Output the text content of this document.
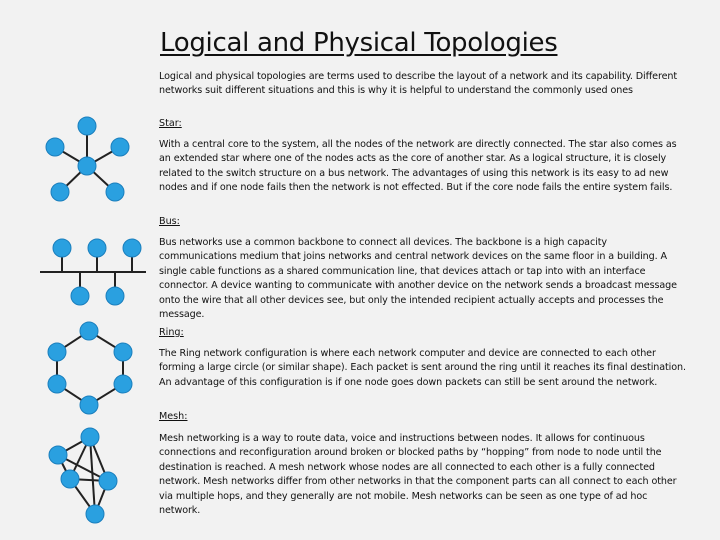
Logical and Physical Topologies
Logical and physical topologies are terms used to describe the layout of a network and its capability. Different networks suit different situations and this is why it is helpful to understand the commonly used ones
Star:
With a central core to the system, all the nodes of the network are directly connected. The star also comes as an extended star where one of the nodes acts as the core of another star. As a logical structure, it is closely related to the switch structure on a bus network. The advantages of using this network is its easy to ad new nodes and if one node fails then the network is not effected. But if the core node fails the entire system fails.
Bus:
Bus networks use a common backbone to connect all devices. The backbone is a high capacity communications medium that joins networks and central network devices on the same floor in a building. A single cable functions as a shared communication line, that devices attach or tap into with an interface connector. A device wanting to communicate with another device on the network sends a broadcast message onto the wire that all other devices see, but only the intended recipient actually accepts and processes the message.
Ring:
The Ring network configuration is where each network computer and device are connected to each other forming a large circle (or similar shape). Each packet is sent around the ring until it reaches its final destination. An advantage of this configuration is if one node goes down packets can still be sent around the network.
Mesh:
Mesh networking is a way to route data, voice and instructions between nodes. It allows for continuous connections and reconfiguration around broken or blocked paths by “hopping” from node to node until the destination is reached. A mesh network whose nodes are all connected to each other is a fully connected network. Mesh networks differ from other networks in that the component parts can all connect to each other via multiple hops, and they generally are not mobile. Mesh networks can be seen as one type of ad hoc network.
